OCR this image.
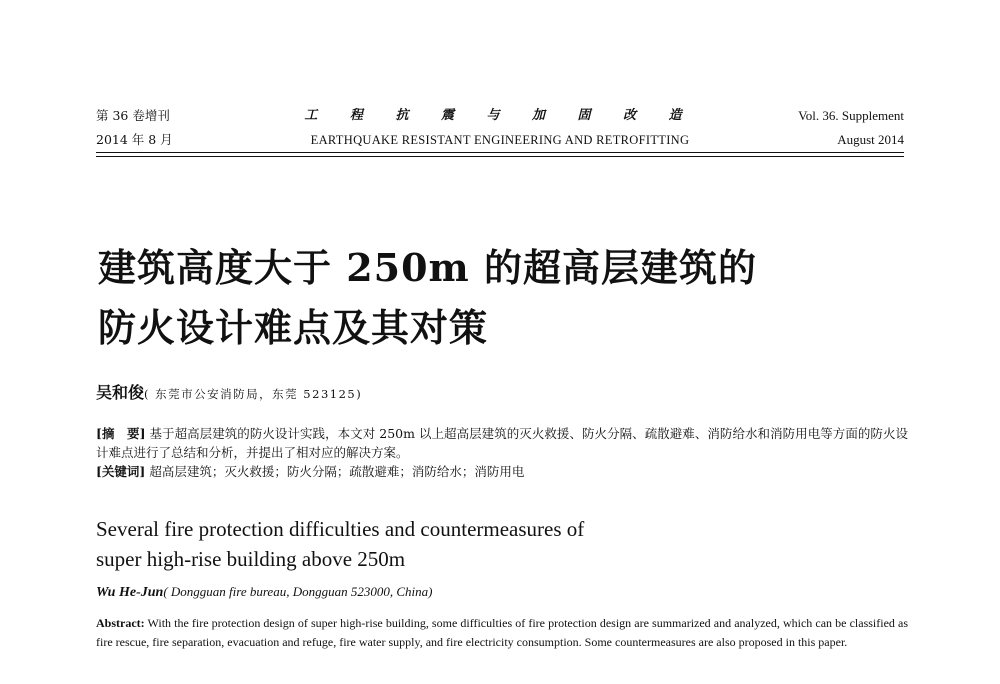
第 36 卷增刊
2014 年 8 月
工 程 抗 震 与 加 固 改 造
EARTHQUAKE RESISTANT ENGINEERING AND RETROFITTING
Vol. 36. Supplement
August 2014
建筑高度大于 250m 的超高层建筑的
防火设计难点及其对策
吴和俊( 东莞市公安消防局，东莞 523125)

[摘　要] 基于超高层建筑的防火设计实践，本文对 250m 以上超高层建筑的灭火救援、防火分隔、疏散避难、消防给水和消防用电等方面的防火设计难点进行了总结和分析，并提出了相对应的解决方案。

[关键词] 超高层建筑；灭火救援；防火分隔；疏散避难；消防给水；消防用电

Several fire protection difficulties and countermeasures of
super high-rise building above 250m
Wu He-Jun( Dongguan fire bureau, Dongguan 523000, China)

Abstract: With the fire protection design of super high-rise building, some difficulties of fire protection design are summarized and analyzed, which can be classified as fire rescue, fire separation, evacuation and refuge, fire water supply, and fire electricity consumption. Some countermeasures are also proposed in this paper.
